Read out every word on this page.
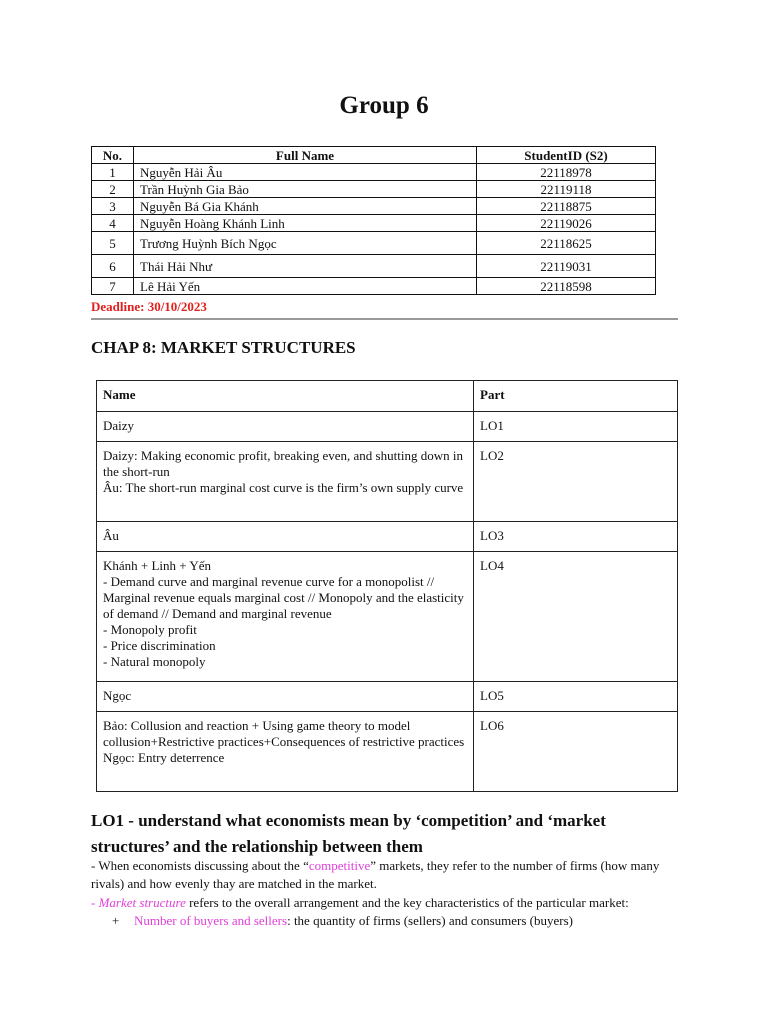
Group 6
No.	Full Name	StudentID (S2)
1	Nguyễn Hải Âu	22118978
2	Trần Huỳnh Gia Bảo	22119118
3	Nguyễn Bá Gia Khánh	22118875
4	Nguyễn Hoàng Khánh Linh	22119026
5	Trương Huỳnh Bích Ngọc	22118625
6	Thái Hải Như	22119031
7	Lê Hải Yến	22118598
Deadline: 30/10/2023
CHAP 8: MARKET STRUCTURES
Name	Part

Daizy	LO1

Daizy: Making economic profit, breaking even, and shutting down in the short-run
Âu: The short-run marginal cost curve is the firm’s own supply curve	LO2

Âu	LO3

Khánh + Linh + Yến
- Demand curve and marginal revenue curve for a monopolist // Marginal revenue equals marginal cost // Monopoly and the elasticity of demand // Demand and marginal revenue
- Monopoly profit
- Price discrimination
- Natural monopoly	LO4

Ngọc	LO5

Bảo: Collusion and reaction + Using game theory to model collusion+Restrictive practices+Consequences of restrictive practices
Ngọc: Entry deterrence	LO6
LO1 - understand what economists mean by ‘competition’ and ‘market structures’ and the relationship between them
- When economists discussing about the “competitive” markets, they refer to the number of firms (how many rivals) and how evenly thay are matched in the market.
- Market structure refers to the overall arrangement and the key characteristics of the particular market:
+ Number of buyers and sellers: the quantity of firms (sellers) and consumers (buyers)
